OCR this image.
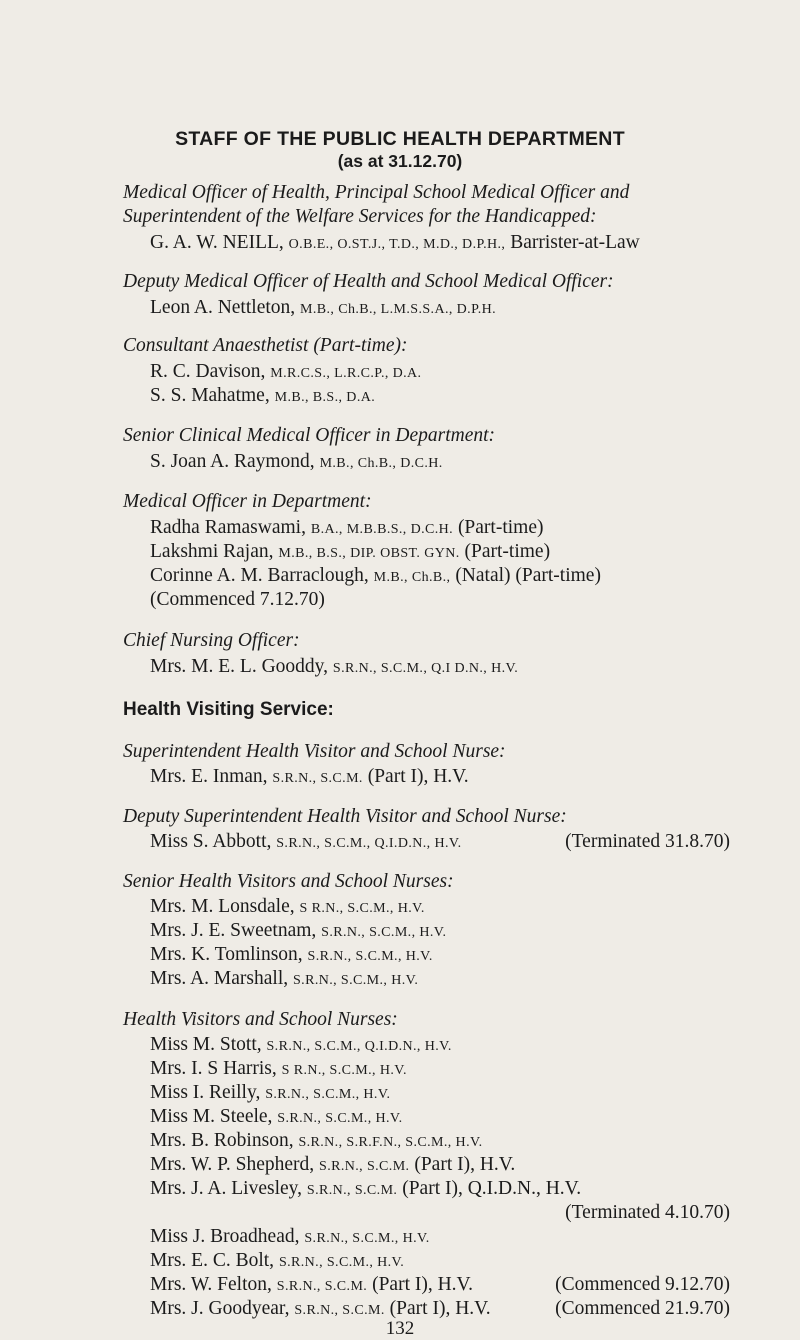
STAFF OF THE PUBLIC HEALTH DEPARTMENT
(as at 31.12.70)
Medical Officer of Health, Principal School Medical Officer and
Superintendent of the Welfare Services for the Handicapped:
G. A. W. NEILL, O.B.E., O.ST.J., T.D., M.D., D.P.H., Barrister-at-Law
Deputy Medical Officer of Health and School Medical Officer:
Leon A. Nettleton, M.B., Ch.B., L.M.S.S.A., D.P.H.
Consultant Anaesthetist (Part-time):
R. C. Davison, M.R.C.S., L.R.C.P., D.A.
S. S. Mahatme, M.B., B.S., D.A.
Senior Clinical Medical Officer in Department:
S. Joan A. Raymond, M.B., Ch.B., D.C.H.
Medical Officer in Department:
Radha Ramaswami, B.A., M.B.B.S., D.C.H. (Part-time)
Lakshmi Rajan, M.B., B.S., DIP. OBST. GYN. (Part-time)
Corinne A. M. Barraclough, M.B., Ch.B., (Natal) (Part-time)
(Commenced 7.12.70)
Chief Nursing Officer:
Mrs. M. E. L. Gooddy, S.R.N., S.C.M., Q.I D.N., H.V.
Health Visiting Service:
Superintendent Health Visitor and School Nurse:
Mrs. E. Inman, S.R.N., S.C.M. (Part I), H.V.
Deputy Superintendent Health Visitor and School Nurse:
Miss S. Abbott, S.R.N., S.C.M., Q.I.D.N., H.V.	(Terminated 31.8.70)
Senior Health Visitors and School Nurses:
Mrs. M. Lonsdale, S R.N., S.C.M., H.V.
Mrs. J. E. Sweetnam, S.R.N., S.C.M., H.V.
Mrs. K. Tomlinson, S.R.N., S.C.M., H.V.
Mrs. A. Marshall, S.R.N., S.C.M., H.V.
Health Visitors and School Nurses:
Miss M. Stott, S.R.N., S.C.M., Q.I.D.N., H.V.
Mrs. I. S Harris, S R.N., S.C.M., H.V.
Miss I. Reilly, S.R.N., S.C.M., H.V.
Miss M. Steele, S.R.N., S.C.M., H.V.
Mrs. B. Robinson, S.R.N., S.R.F.N., S.C.M., H.V.
Mrs. W. P. Shepherd, S.R.N., S.C.M. (Part I), H.V.
Mrs. J. A. Livesley, S.R.N., S.C.M. (Part I), Q.I.D.N., H.V.
(Terminated 4.10.70)
Miss J. Broadhead, S.R.N., S.C.M., H.V.
Mrs. E. C. Bolt, S.R.N., S.C.M., H.V.
Mrs. W. Felton, S.R.N., S.C.M. (Part I), H.V.	(Commenced 9.12.70)
Mrs. J. Goodyear, S.R.N., S.C.M. (Part I), H.V.	(Commenced 21.9.70)
132
